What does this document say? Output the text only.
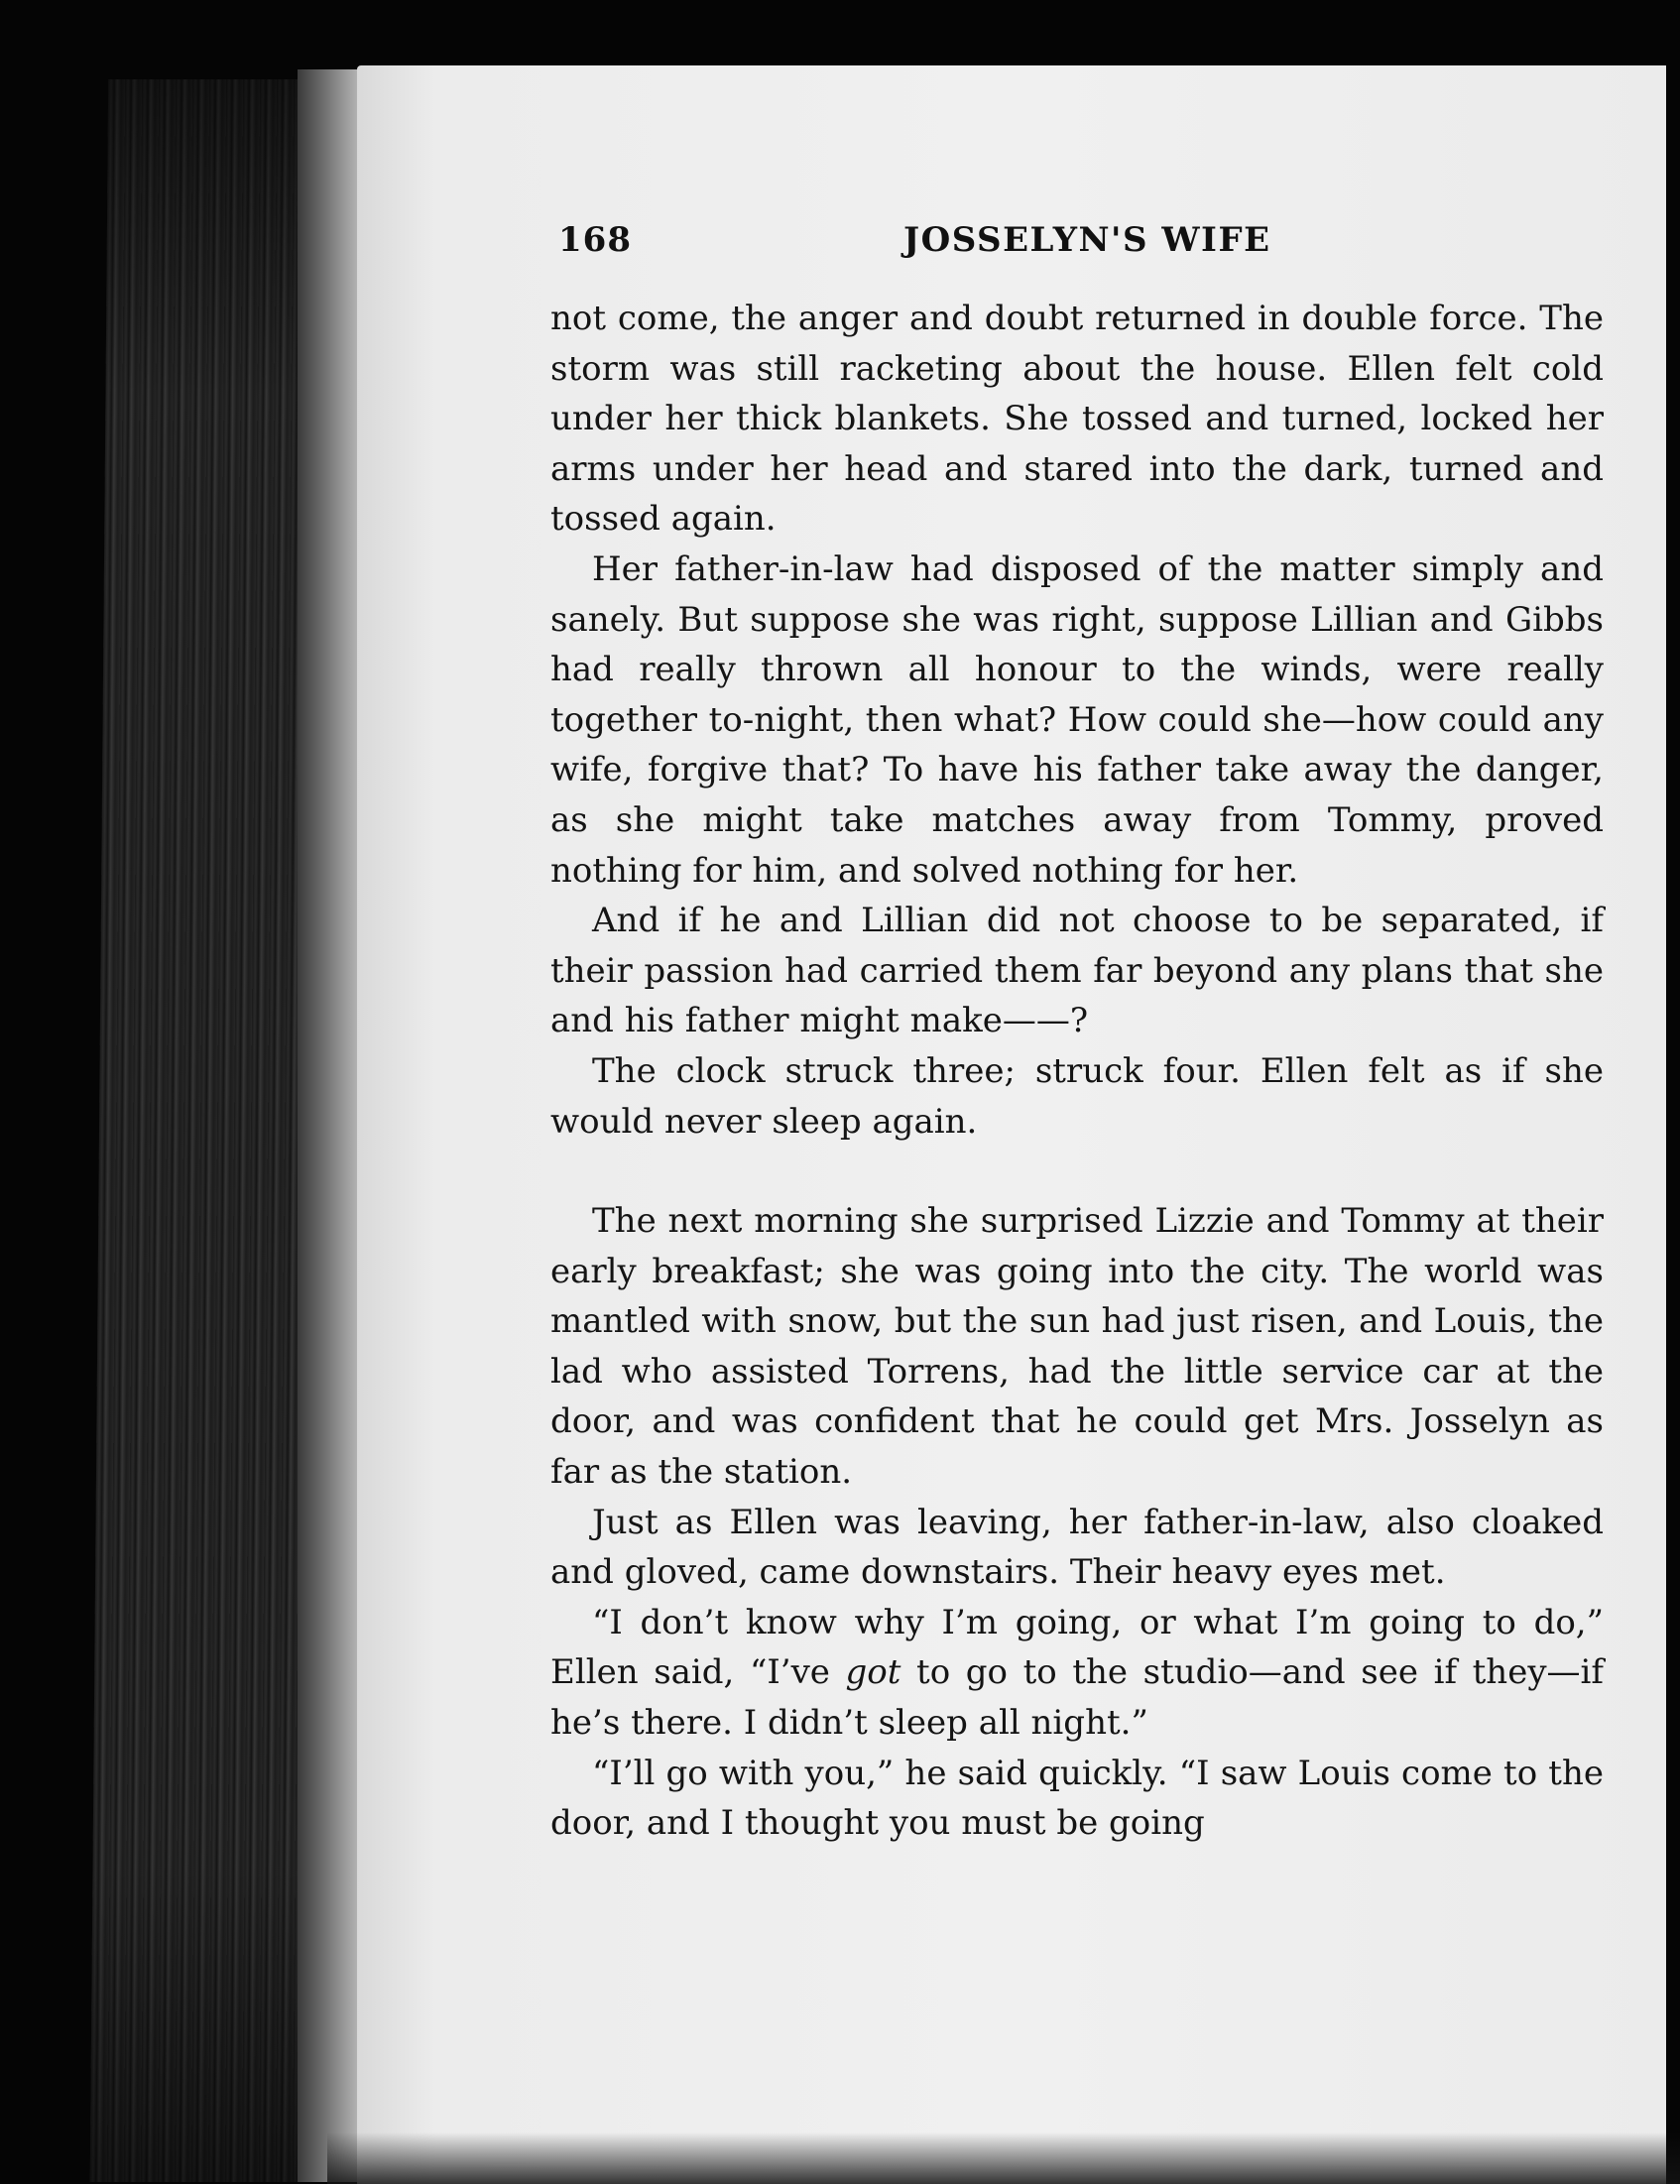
168	JOSSELYN'S WIFE

not come, the anger and doubt returned in double force. The storm was still racketing about the house. Ellen felt cold under her thick blankets. She tossed and turned, locked her arms under her head and stared into the dark, turned and tossed again.

Her father-in-law had disposed of the matter simply and sanely. But suppose she was right, suppose Lillian and Gibbs had really thrown all honour to the winds, were really together to-night, then what? How could she—how could any wife, forgive that? To have his father take away the danger, as she might take matches away from Tommy, proved nothing for him, and solved nothing for her.

And if he and Lillian did not choose to be separated, if their passion had carried them far beyond any plans that she and his father might make——?

The clock struck three; struck four. Ellen felt as if she would never sleep again.

The next morning she surprised Lizzie and Tommy at their early breakfast; she was going into the city. The world was mantled with snow, but the sun had just risen, and Louis, the lad who assisted Torrens, had the little service car at the door, and was confident that he could get Mrs. Josselyn as far as the station.

Just as Ellen was leaving, her father-in-law, also cloaked and gloved, came downstairs. Their heavy eyes met.

“I don’t know why I’m going, or what I’m going to do,” Ellen said, “I’ve got to go to the studio—and see if they—if he’s there. I didn’t sleep all night.”

“I’ll go with you,” he said quickly. “I saw Louis come to the door, and I thought you must be going
